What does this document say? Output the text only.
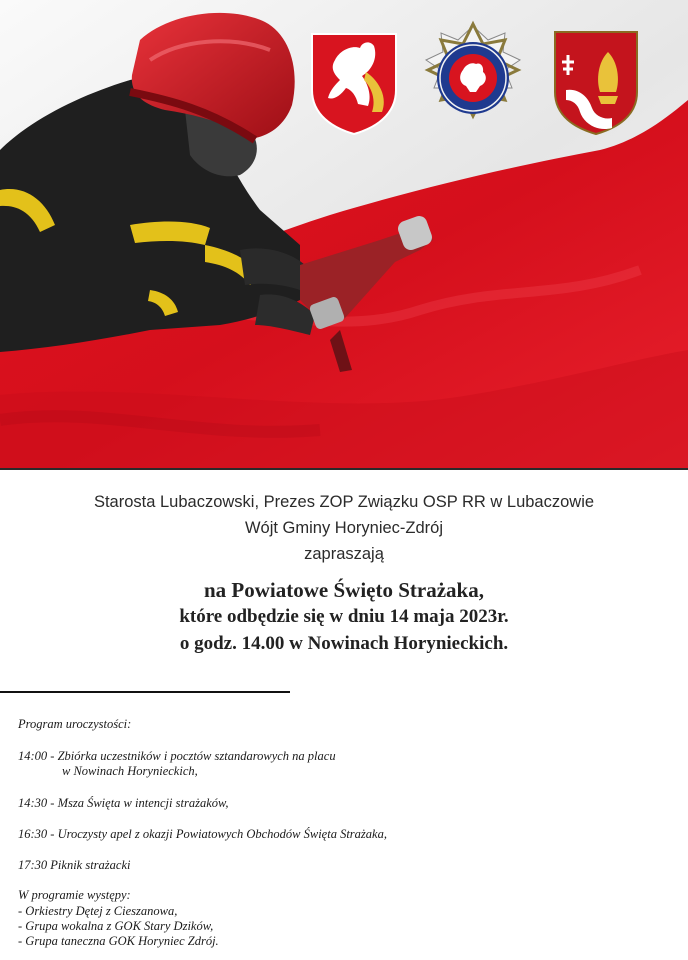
Starosta Lubaczowski, Prezes ZOP Związku OSP RR w Lubaczowie
Wójt Gminy Horyniec-Zdrój
zapraszają
na Powiatowe Święto Strażaka,
które odbędzie się w dniu 14 maja 2023r.
o godz. 14.00 w Nowinach Horynieckich.
Program uroczystości:
14:00 - Zbiórka uczestników i pocztów sztandarowych na placu
w Nowinach Horynieckich,
14:30 - Msza Święta w intencji strażaków,
16:30 - Uroczysty apel z okazji Powiatowych Obchodów Święta Strażaka,
17:30 Piknik strażacki
W programie występy:
- Orkiestry Dętej z Cieszanowa,
- Grupa wokalna z GOK Stary Dzików,
- Grupa taneczna GOK Horyniec Zdrój.
